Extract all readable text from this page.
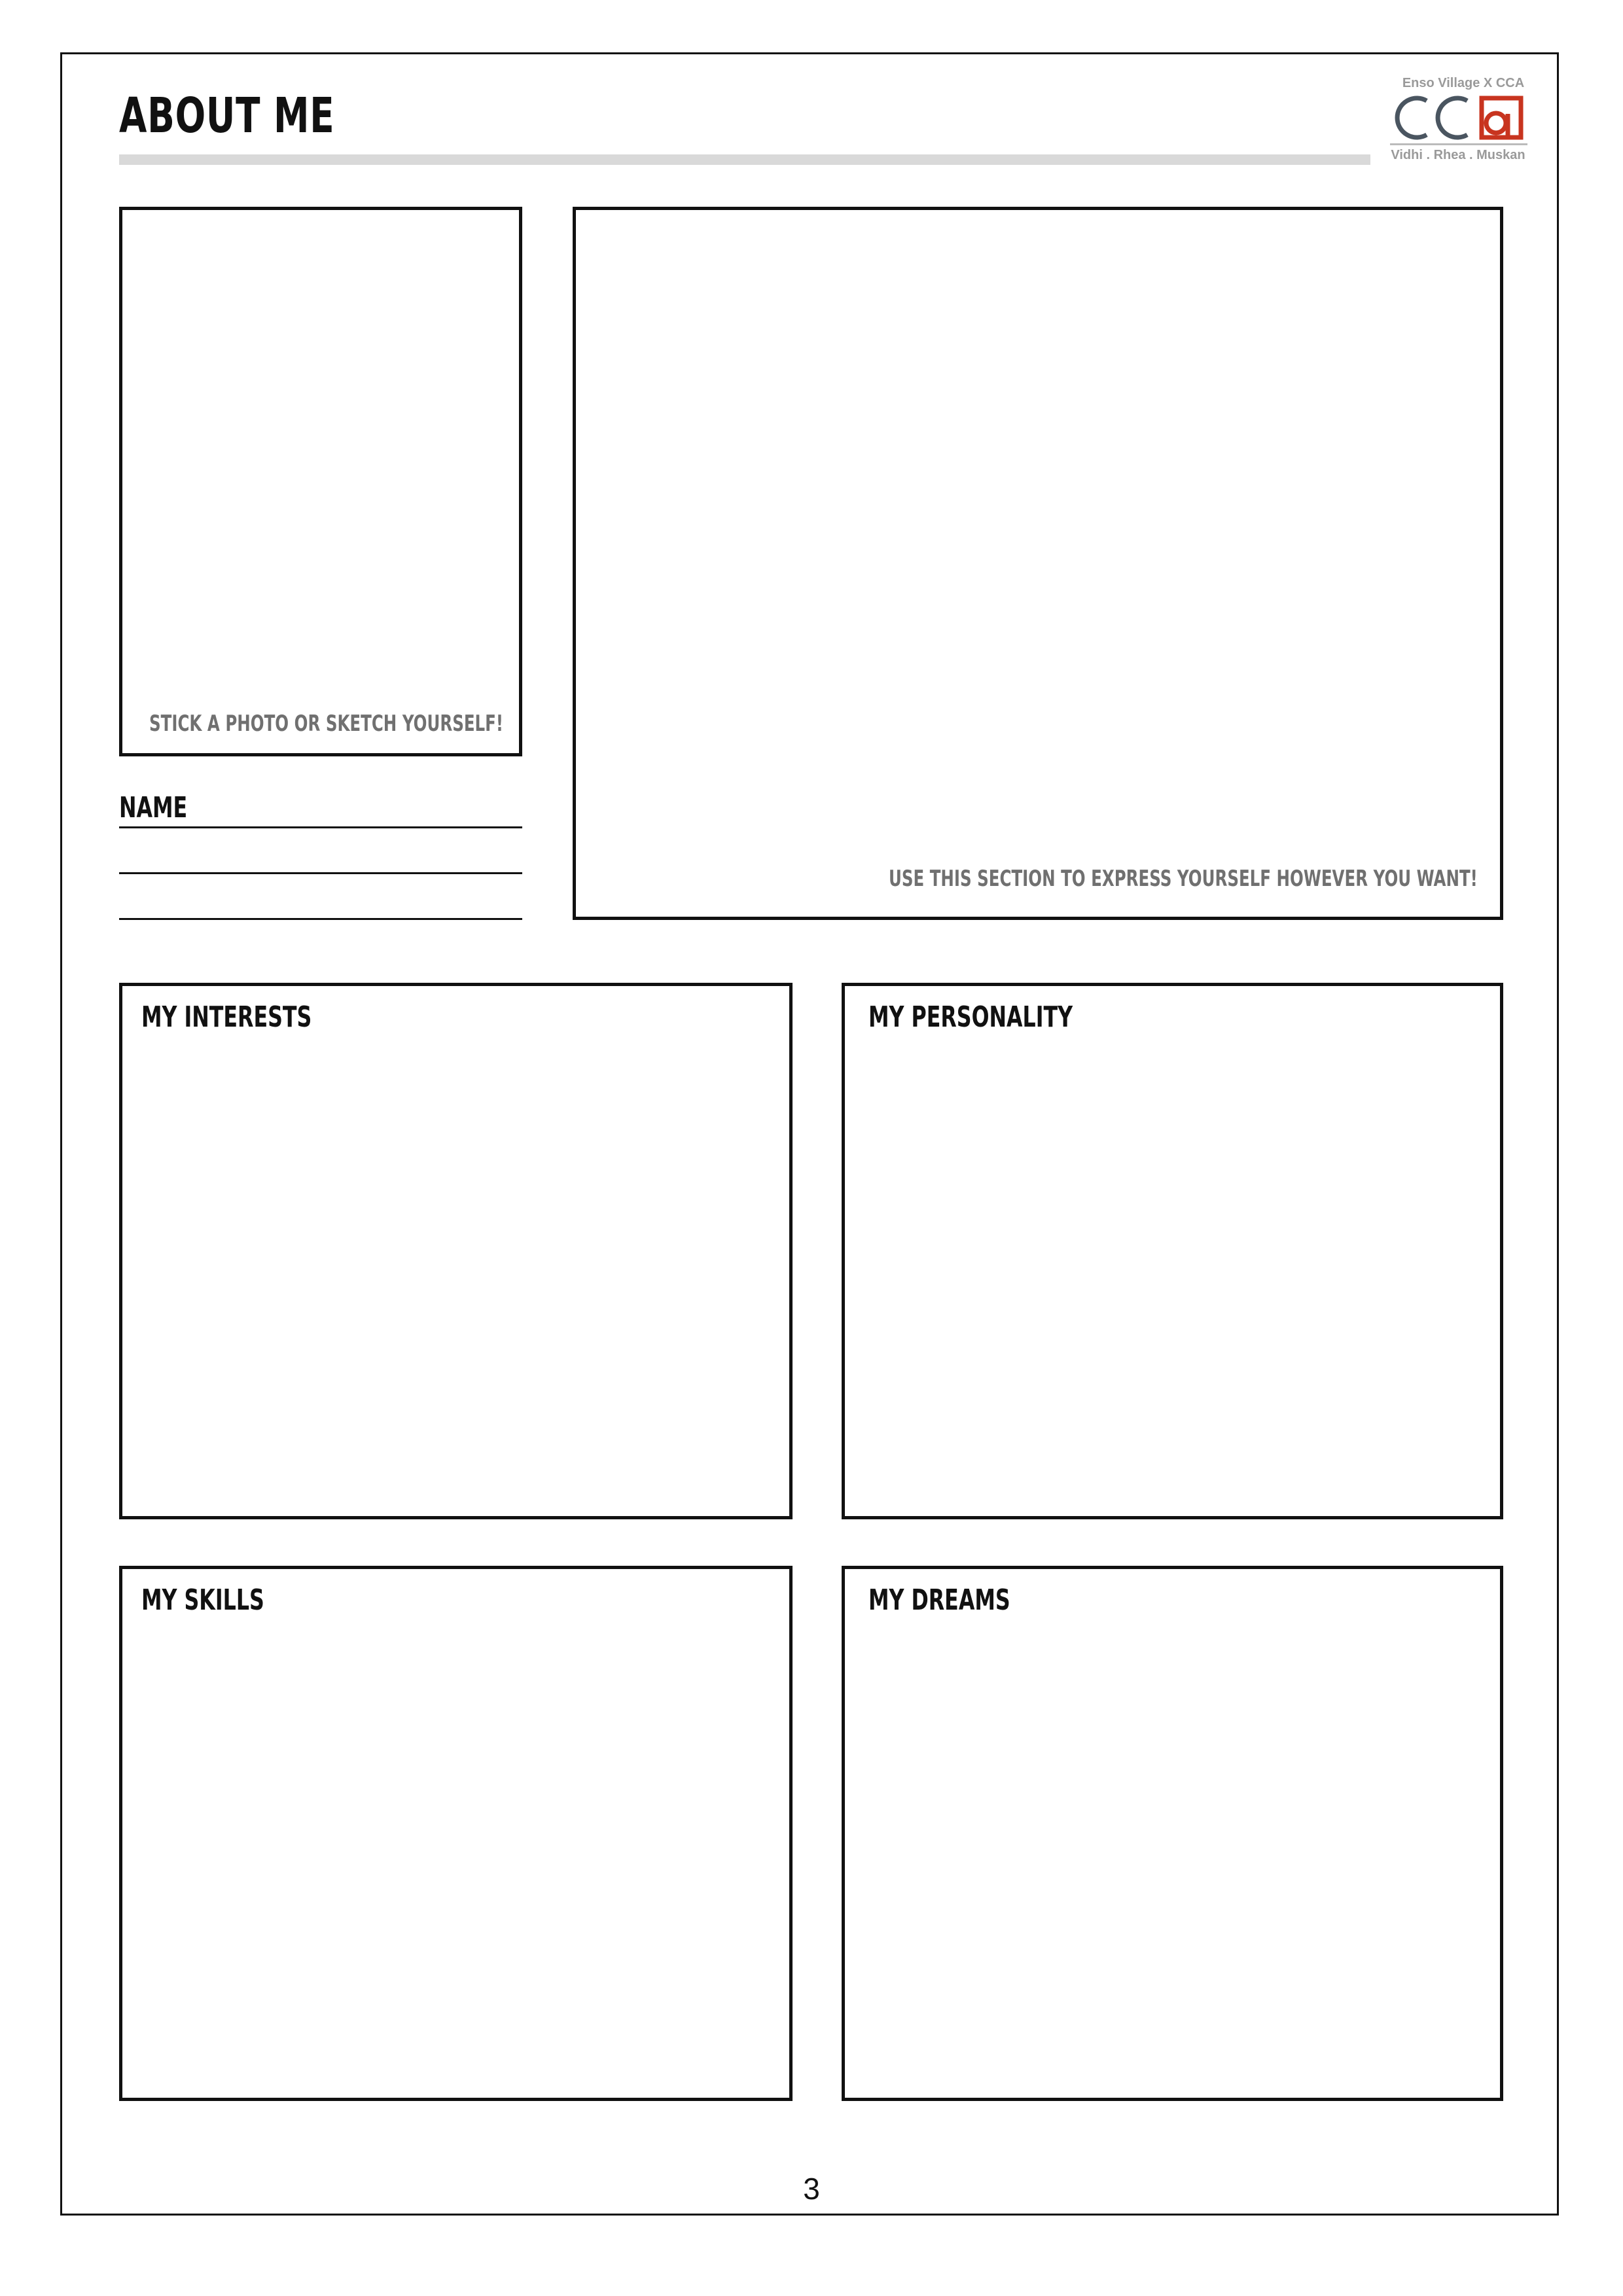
ABOUT ME
Enso Village X CCA
Vidhi . Rhea . Muskan
STICK A PHOTO OR SKETCH YOURSELF!
NAME
USE THIS SECTION TO EXPRESS YOURSELF HOWEVER YOU WANT!
MY INTERESTS	MY PERSONALITY
MY SKILLS	MY DREAMS
3
